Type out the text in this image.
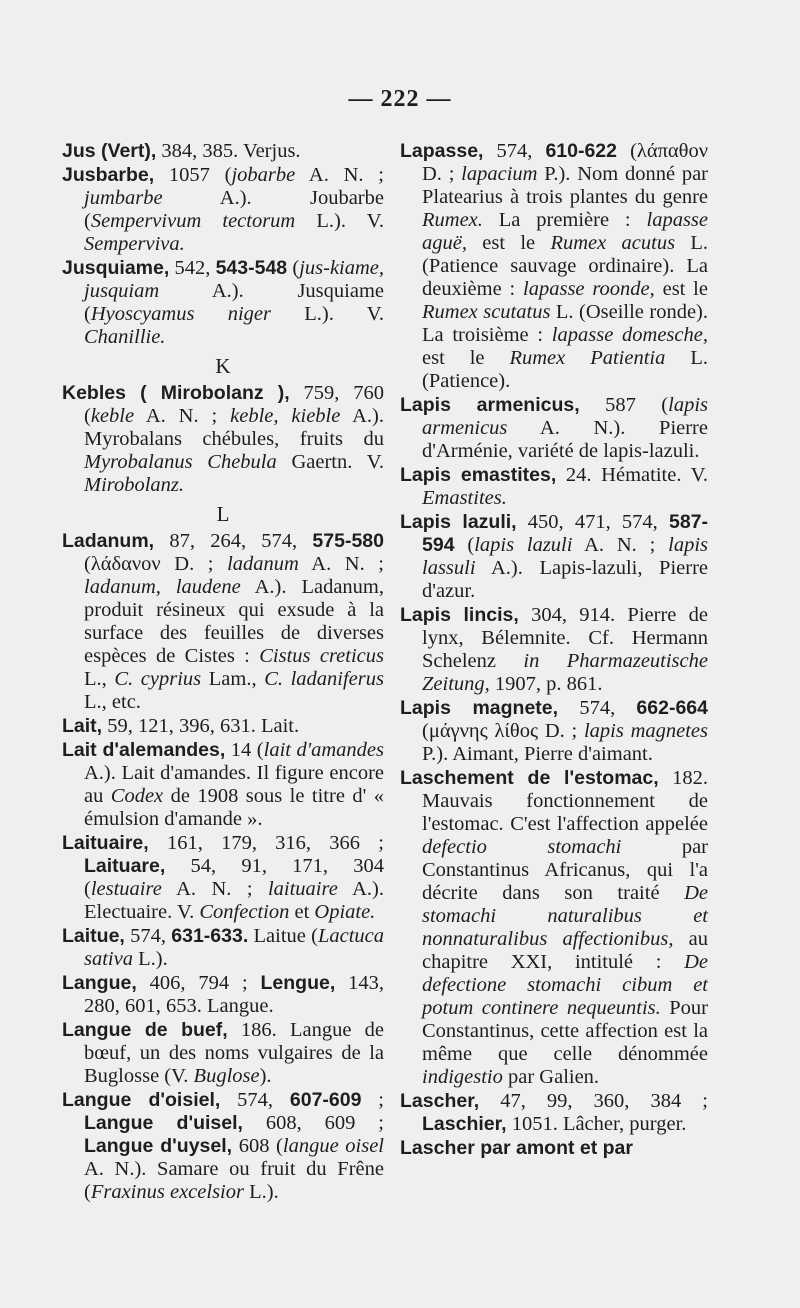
— 222 —

Jus (Vert), 384, 385. Verjus.

Jusbarbe, 1057 (jobarbe A. N. ; jumbarbe A.). Joubarbe (Sempervivum tectorum L.). V. Sempervivа.

Jusquiame, 542, 543-548 (jus-kiame, jusquiam A.). Jusquiame (Hyoscyamus niger L.). V. Chanillie.

K

Kebles ( Mirobolanz ), 759, 760 (keble A. N. ; keble, kieble A.). Myrobalans chébules, fruits du Myrobalanus Chebula Gaertn. V. Mirobolanz.

L

Ladanum, 87, 264, 574, 575-580 (λάδανον D. ; ladanum A. N. ; ladanum, laudene A.). Ladanum, produit résineux qui exsude à la surface des feuilles de diverses espèces de Cistes : Cistus creticus L., C. cyprius Lam., C. ladaniferus L., etc.

Lait, 59, 121, 396, 631. Lait.

Lait d'alemandes, 14 (lait d'amandes A.). Lait d'amandes. Il figure encore au Codex de 1908 sous le titre d' « émulsion d'amande ».

Laituaire, 161, 179, 316, 366 ; Laituare, 54, 91, 171, 304 (lestuaire A. N. ; laituaire A.). Electuaire. V. Confection et Opiate.

Laitue, 574, 631-633. Laitue (Lactuca sativa L.).

Langue, 406, 794 ; Lengue, 143, 280, 601, 653. Langue.

Langue de buef, 186. Langue de bœuf, un des noms vulgaires de la Buglosse (V. Buglose).

Langue d'oisiel, 574, 607-609 ; Langue d'uisel, 608, 609 ; Langue d'uysel, 608 (langue oisel A. N.). Samare ou fruit du Frêne (Fraxinus excelsior L.).

Lapasse, 574, 610-622 (λάπαθον D. ; lapacium P.). Nom donné par Platearius à trois plantes du genre Rumex. La première : lapasse aguë, est le Rumex acutus L. (Patience sauvage ordinaire). La deuxième : lapasse roonde, est le Rumex scutatus L. (Oseille ronde). La troisième : lapasse domesche, est le Rumex Patientia L. (Patience).

Lapis armenicus, 587 (lapis armenicus A. N.). Pierre d'Arménie, variété de lapis-lazuli.

Lapis emastites, 24. Hématite. V. Emastites.

Lapis lazuli, 450, 471, 574, 587-594 (lapis lazuli A. N. ; lapis lassuli A.). Lapis-lazuli, Pierre d'azur.

Lapis lincis, 304, 914. Pierre de lynx, Bélemnite. Cf. Hermann Schelenz in Pharmazeutische Zeitung, 1907, p. 861.

Lapis magnete, 574, 662-664 (μάγνης λίθος D. ; lapis magnetes P.). Aimant, Pierre d'aimant.

Laschement de l'estomac, 182. Mauvais fonctionnement de l'estomac. C'est l'affection appelée defectio stomachi par Constantinus Africanus, qui l'a décrite dans son traité De stomachi naturalibus et nonnaturalibus affectionibus, au chapitre XXI, intitulé : De defectione stomachi cibum et potum continere nequeuntis. Pour Constantinus, cette affection est la même que celle dénommée indigestio par Galien.

Lascher, 47, 99, 360, 384 ; Laschier, 1051. Lâcher, purger.

Lascher par amont et par
